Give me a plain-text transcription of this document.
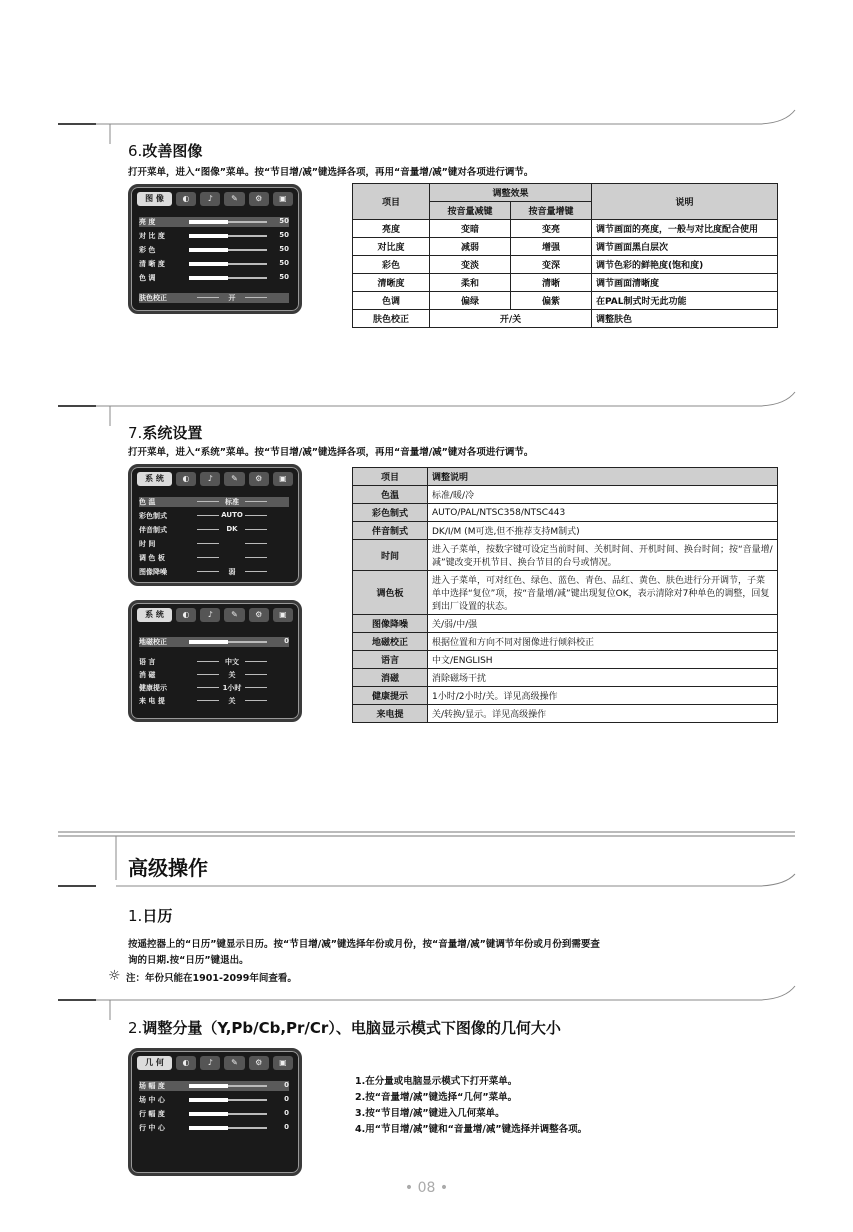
6.改善图像
打开菜单，进入“图像”菜单。按“节目增/减”键选择各项，再用“音量增/减”键对各项进行调节。
图 像	◐	♪	✎	⚙	▣
亮 度	50
对 比 度	50
彩 色	50
清 晰 度	50
色 调	50
肤色校正	开
项目	调整效果		说明
	按音量减键	按音量增键	
亮度	变暗	变亮	调节画面的亮度，一般与对比度配合使用
对比度	减弱	增强	调节画面黑白层次
彩色	变淡	变深	调节色彩的鲜艳度(饱和度)
清晰度	柔和	清晰	调节画面清晰度
色调	偏绿	偏紫	在PAL制式时无此功能
肤色校正	开/关		调整肤色
7.系统设置
打开菜单，进入“系统”菜单。按“节目增/减”键选择各项，再用“音量增/减”键对各项进行调节。
系 统	◐	♪	✎	⚙	▣
色 温	标准
彩色制式	AUTO
伴音制式	DK
时 间
调 色 板
图像降噪	弱
系 统	◐	♪	✎	⚙	▣
地磁校正	0
语 言	中文
消 磁	关
健康提示	1小时
来 电 提	关
项目	调整说明
色温	标准/暖/冷
彩色制式	AUTO/PAL/NTSC358/NTSC443
伴音制式	DK/I/M (M可选,但不推荐支持M制式)
时间	进入子菜单，按数字键可设定当前时间、关机时间、开机时间、换台时间；按“音量增/减”键改变开机节目、换台节目的台号或情况。
调色板	进入子菜单，可对红色、绿色、蓝色、青色、品红、黄色、肤色进行分开调节，子菜单中选择“复位”项，按“音量增/减”键出现复位OK，表示清除对7种单色的调整，回复到出厂设置的状态。
图像降噪	关/弱/中/强
地磁校正	根据位置和方向不同对图像进行倾斜校正
语言	中文/ENGLISH
消磁	消除磁场干扰
健康提示	1小时/2小时/关。详见高级操作
来电提	关/转换/显示。详见高级操作
高级操作
1.日历
按遥控器上的“日历”键显示日历。按“节目增/减”键选择年份或月份，按“音量增/减”键调节年份或月份到需要查
询的日期.按“日历”键退出。
☼ 注：年份只能在1901-2099年间查看。
2.调整分量（Y,Pb/Cb,Pr/Cr）、电脑显示模式下图像的几何大小
几 何	◐	♪	✎	⚙	▣
场 幅 度	0
场 中 心	0
行 幅 度	0
行 中 心	0
1.在分量或电脑显示模式下打开菜单。
2.按“音量增/减”键选择“几何”菜单。
3.按“节目增/减”键进入几何菜单。
4.用“节目增/减”键和“音量增/减”键选择并调整各项。
• 08 •
